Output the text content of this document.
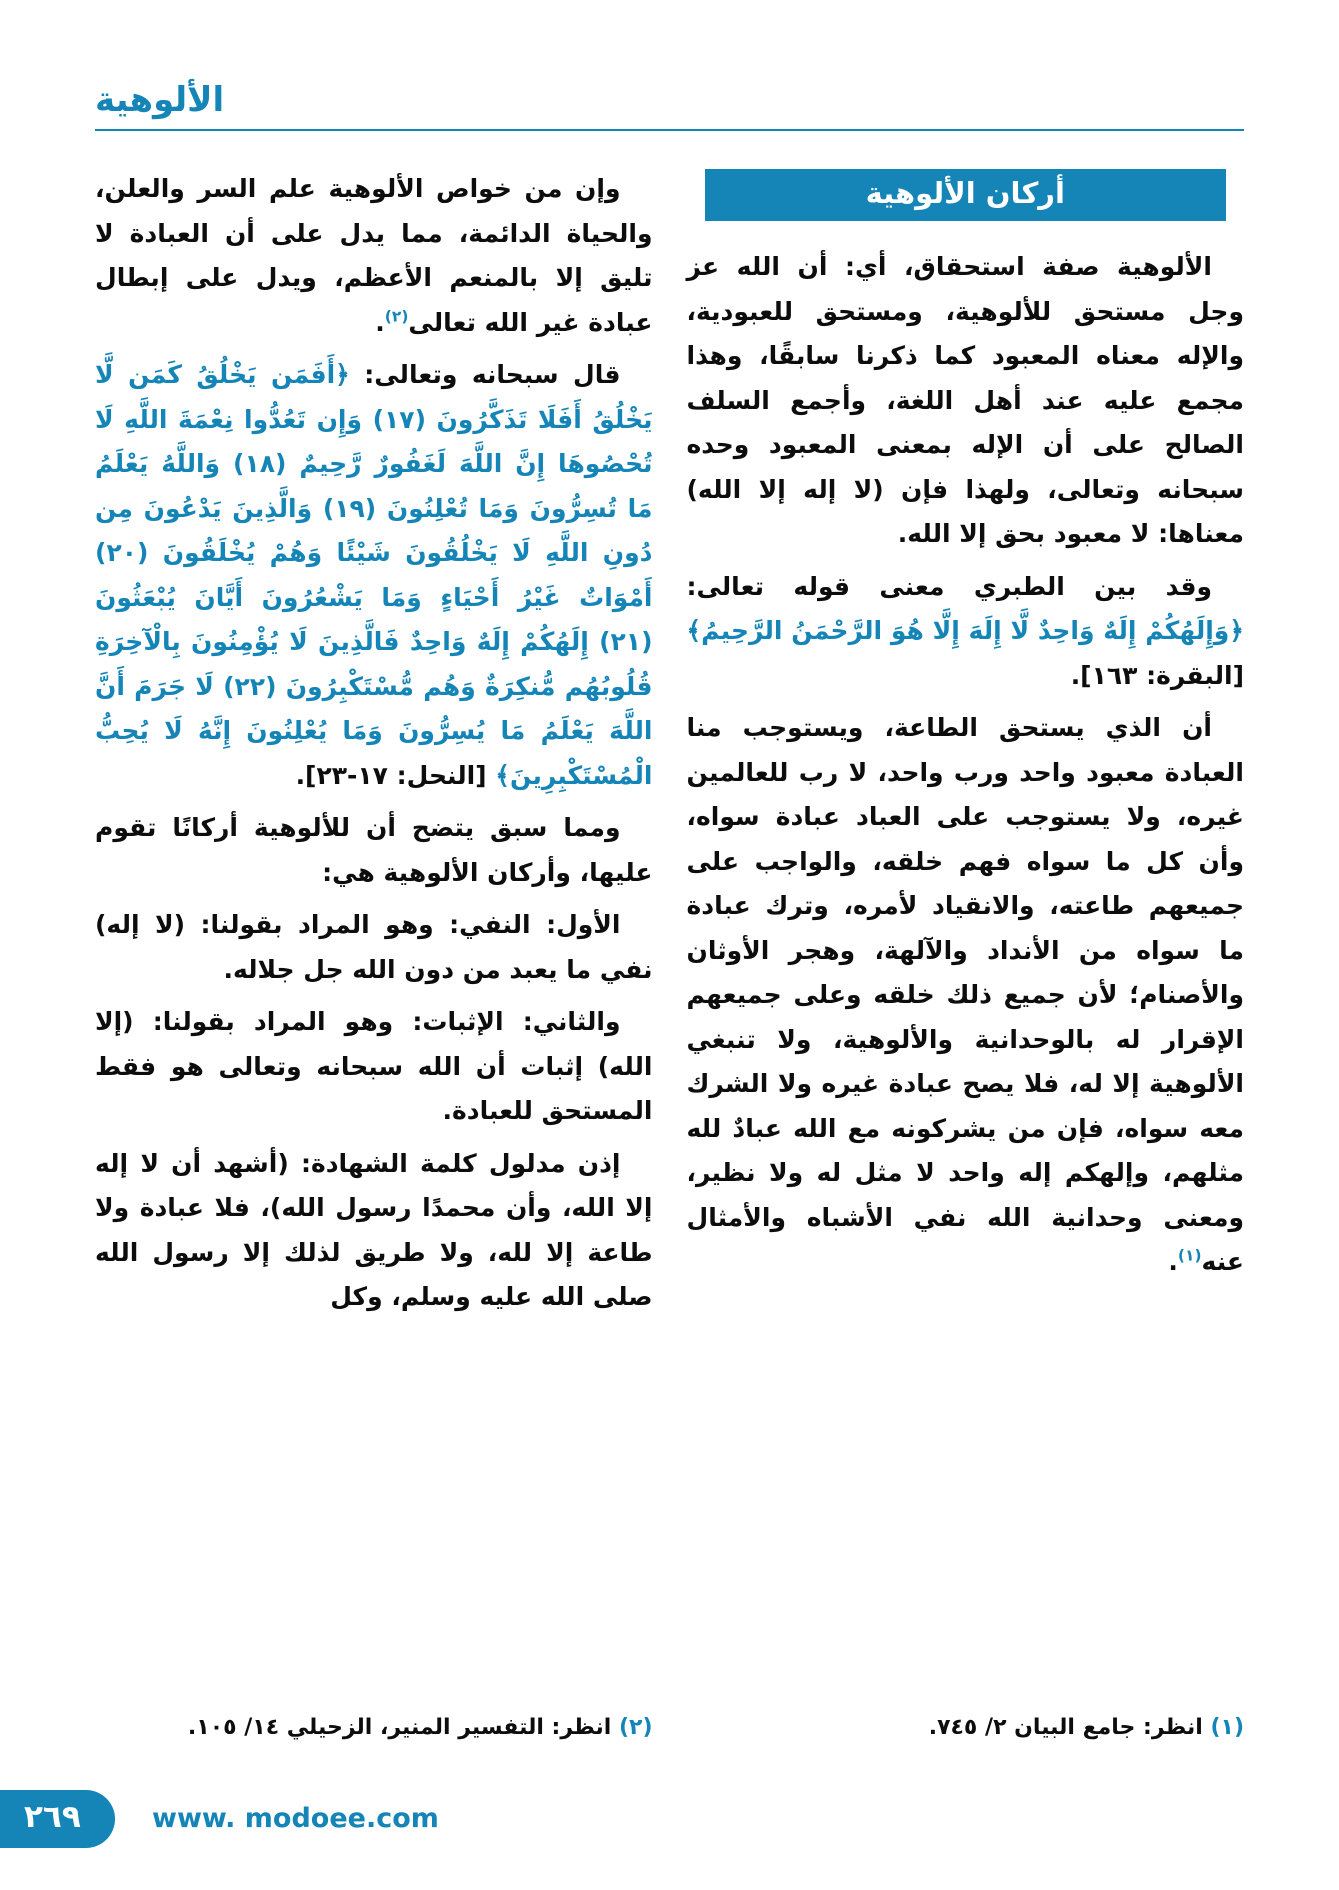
الألوهية
أركان الألوهية

الألوهية صفة استحقاق، أي: أن الله عز وجل مستحق للألوهية، ومستحق للعبودية، والإله معناه المعبود كما ذكرنا سابقًا، وهذا مجمع عليه عند أهل اللغة، وأجمع السلف الصالح على أن الإله بمعنى المعبود وحده سبحانه وتعالى، ولهذا فإن (لا إله إلا الله) معناها: لا معبود بحق إلا الله.

وقد بين الطبري معنى قوله تعالى: ﴿وَإِلَهُكُمْ إِلَهٌ وَاحِدٌ لَّا إِلَهَ إِلَّا هُوَ الرَّحْمَنُ الرَّحِيمُ﴾ [البقرة: ١٦٣].

أن الذي يستحق الطاعة، ويستوجب منا العبادة معبود واحد ورب واحد، لا رب للعالمين غيره، ولا يستوجب على العباد عبادة سواه، وأن كل ما سواه فهم خلقه، والواجب على جميعهم طاعته، والانقياد لأمره، وترك عبادة ما سواه من الأنداد والآلهة، وهجر الأوثان والأصنام؛ لأن جميع ذلك خلقه وعلى جميعهم الإقرار له بالوحدانية والألوهية، ولا تنبغي الألوهية إلا له، فلا يصح عبادة غيره ولا الشرك معه سواه، فإن من يشركونه مع الله عبادٌ لله مثلهم، وإلهكم إله واحد لا مثل له ولا نظير، ومعنى وحدانية الله نفي الأشباه والأمثال عنه$^{(١)}$.

وإن من خواص الألوهية علم السر والعلن، والحياة الدائمة، مما يدل على أن العبادة لا تليق إلا بالمنعم الأعظم، ويدل على إبطال عبادة غير الله تعالى$^{(٢)}$.

قال سبحانه وتعالى: ﴿أَفَمَن يَخْلُقُ كَمَن لَّا يَخْلُقُ أَفَلَا تَذَكَّرُونَ (١٧) وَإِن تَعُدُّوا نِعْمَةَ اللَّهِ لَا تُحْصُوهَا إِنَّ اللَّهَ لَغَفُورٌ رَّحِيمٌ (١٨) وَاللَّهُ يَعْلَمُ مَا تُسِرُّونَ وَمَا تُعْلِنُونَ (١٩) وَالَّذِينَ يَدْعُونَ مِن دُونِ اللَّهِ لَا يَخْلُقُونَ شَيْئًا وَهُمْ يُخْلَقُونَ (٢٠) أَمْوَاتٌ غَيْرُ أَحْيَاءٍ وَمَا يَشْعُرُونَ أَيَّانَ يُبْعَثُونَ (٢١) إِلَهُكُمْ إِلَهٌ وَاحِدٌ فَالَّذِينَ لَا يُؤْمِنُونَ بِالْآخِرَةِ قُلُوبُهُم مُّنكِرَةٌ وَهُم مُّسْتَكْبِرُونَ (٢٢) لَا جَرَمَ أَنَّ اللَّهَ يَعْلَمُ مَا يُسِرُّونَ وَمَا يُعْلِنُونَ إِنَّهُ لَا يُحِبُّ الْمُسْتَكْبِرِينَ﴾ [النحل: ١٧-٢٣].

ومما سبق يتضح أن للألوهية أركانًا تقوم عليها، وأركان الألوهية هي:

الأول: النفي: وهو المراد بقولنا: (لا إله) نفي ما يعبد من دون الله جل جلاله.

والثاني: الإثبات: وهو المراد بقولنا: (إلا الله) إثبات أن الله سبحانه وتعالى هو فقط المستحق للعبادة.

إذن مدلول كلمة الشهادة: (أشهد أن لا إله إلا الله، وأن محمدًا رسول الله)، فلا عبادة ولا طاعة إلا لله، ولا طريق لذلك إلا رسول الله صلى الله عليه وسلم، وكل

(١) انظر: جامع البيان ٢/ ٧٤٥.
(٢) انظر: التفسير المنير، الزحيلي ١٤/ ١٠٥.
٢٦٩	www. modoee.com
